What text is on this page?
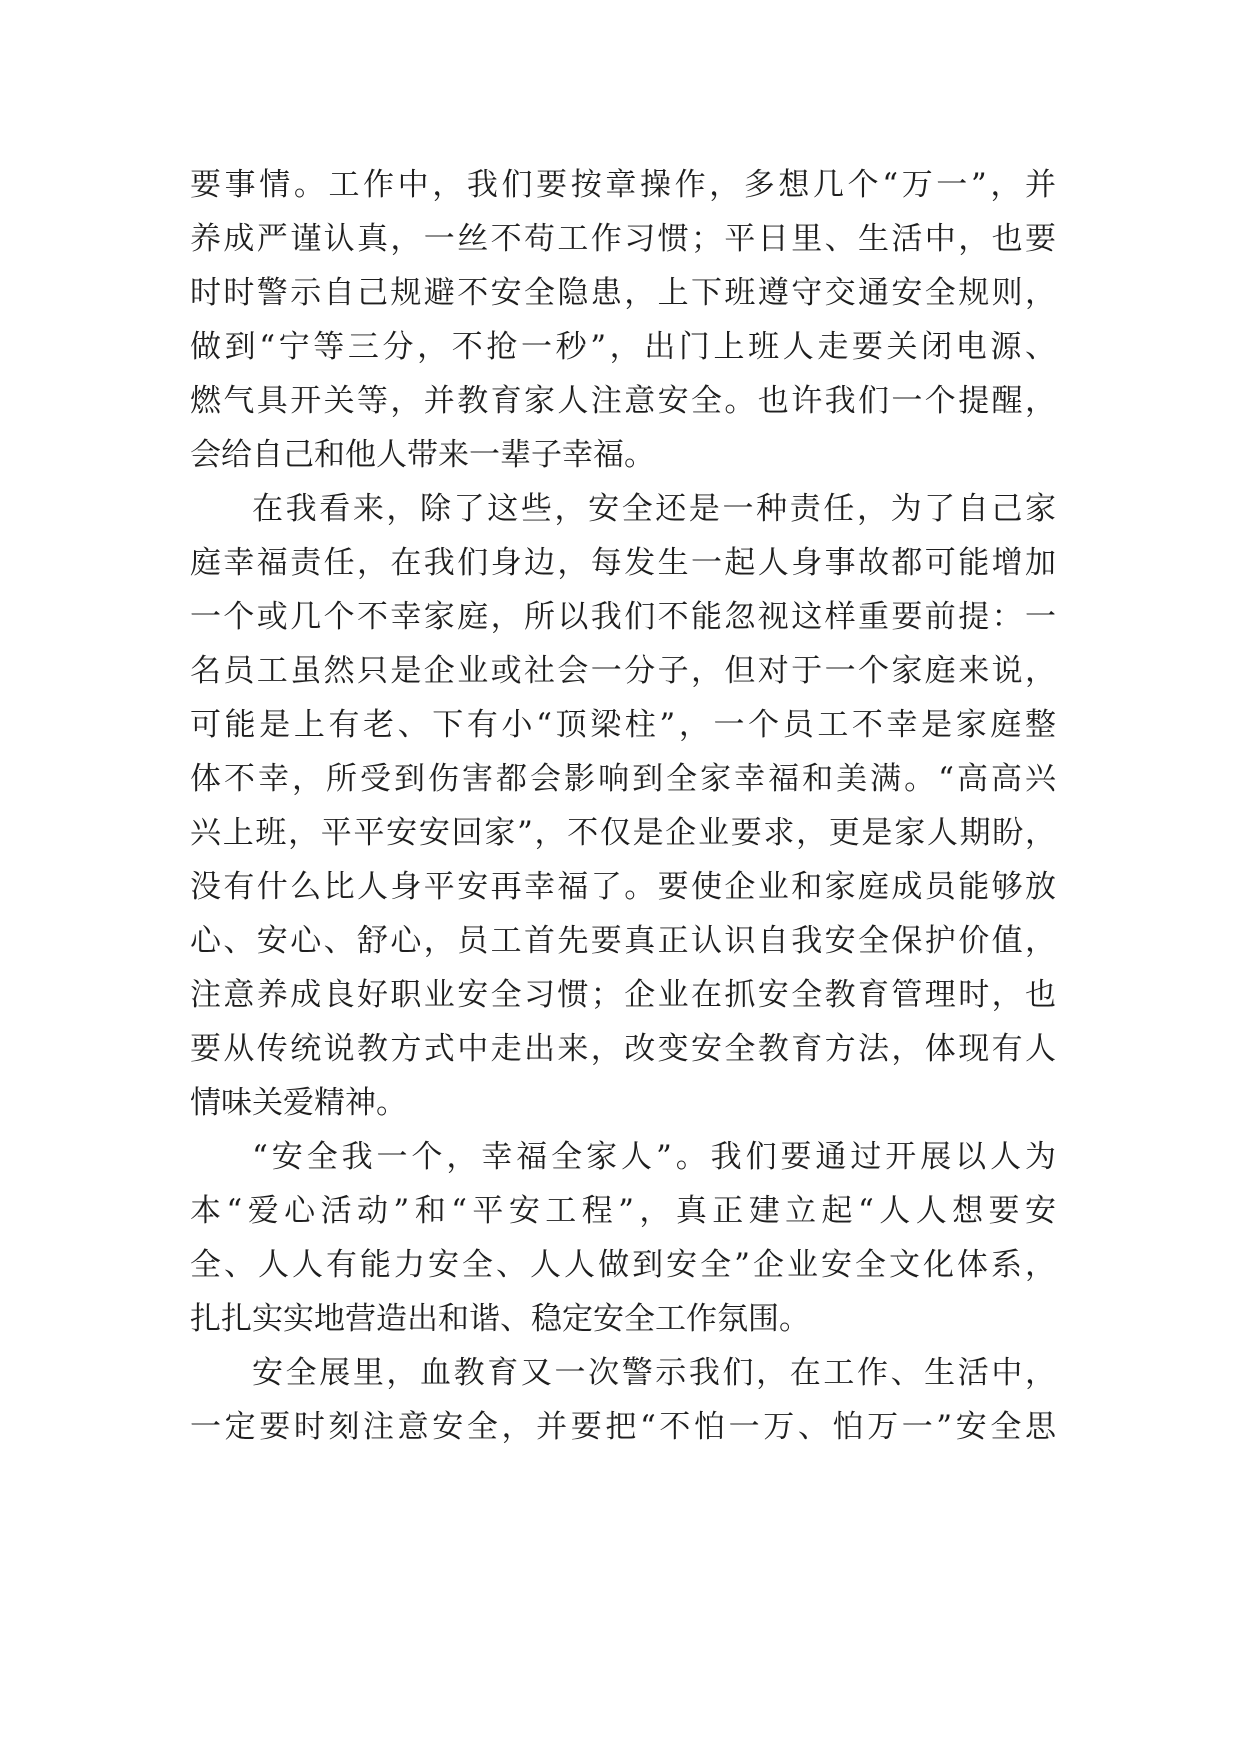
要事情。工作中，我们要按章操作，多想几个“万一”，并
养成严谨认真，一丝不苟工作习惯；平日里、生活中，也要
时时警示自己规避不安全隐患，上下班遵守交通安全规则，
做到“宁等三分，不抢一秒”，出门上班人走要关闭电源、
燃气具开关等，并教育家人注意安全。也许我们一个提醒，
会给自己和他人带来一辈子幸福。
在我看来，除了这些，安全还是一种责任，为了自己家
庭幸福责任，在我们身边，每发生一起人身事故都可能增加
一个或几个不幸家庭，所以我们不能忽视这样重要前提：一
名员工虽然只是企业或社会一分子，但对于一个家庭来说，
可能是上有老、下有小“顶梁柱”，一个员工不幸是家庭整
体不幸，所受到伤害都会影响到全家幸福和美满。“高高兴
兴上班，平平安安回家”，不仅是企业要求，更是家人期盼，
没有什么比人身平安再幸福了。要使企业和家庭成员能够放
心、安心、舒心，员工首先要真正认识自我安全保护价值，
注意养成良好职业安全习惯；企业在抓安全教育管理时，也
要从传统说教方式中走出来，改变安全教育方法，体现有人
情味关爱精神。
“安全我一个，幸福全家人”。我们要通过开展以人为
本“爱心活动”和“平安工程”，真正建立起“人人想要安
全、人人有能力安全、人人做到安全”企业安全文化体系，
扎扎实实地营造出和谐、稳定安全工作氛围。
安全展里，血教育又一次警示我们，在工作、生活中，
一定要时刻注意安全，并要把“不怕一万、怕万一”安全思
